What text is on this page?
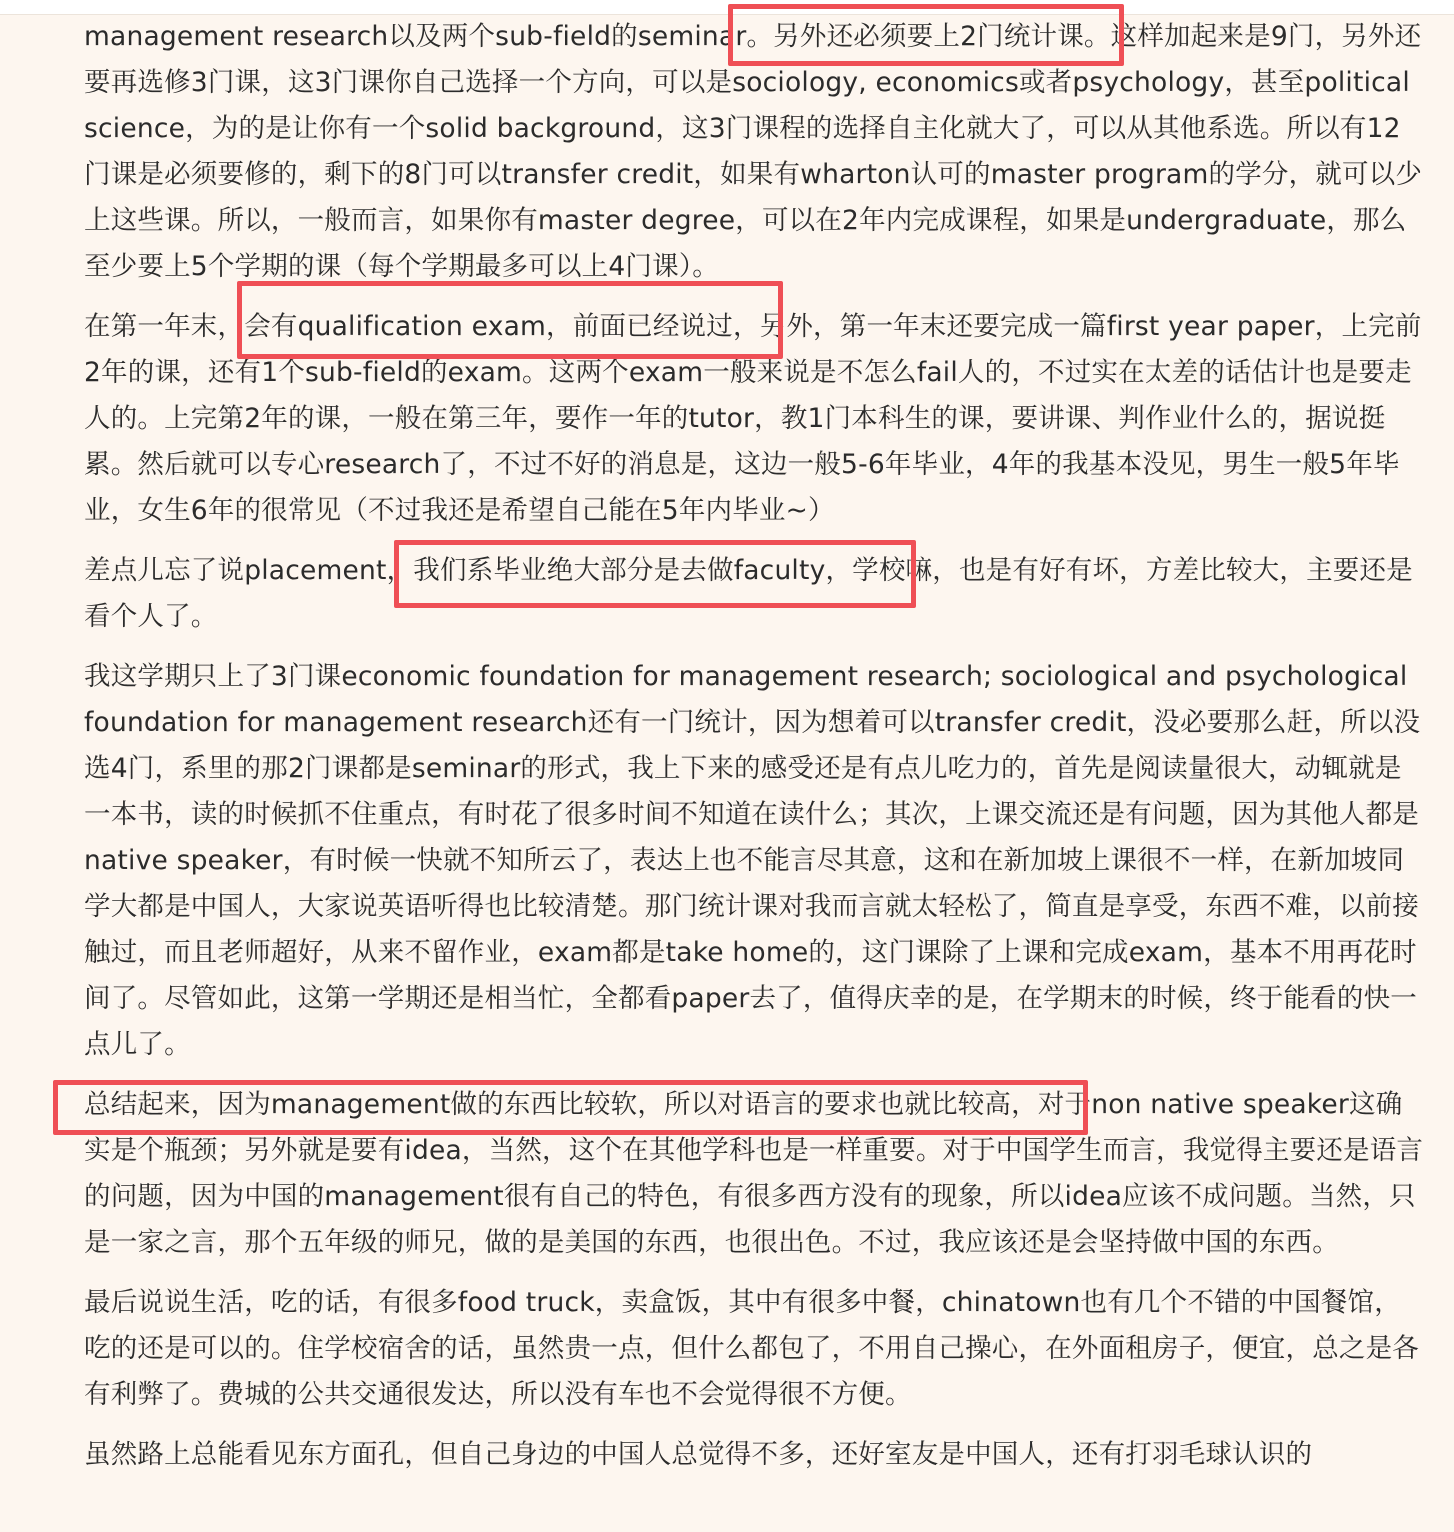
management research以及两个sub-field的seminar。另外还必须要上2门统计课。这样加起来是9门，另外还要再选修3门课，这3门课你自己选择一个方向，可以是sociology, economics或者psychology，甚至political science，为的是让你有一个solid background，这3门课程的选择自主化就大了，可以从其他系选。所以有12门课是必须要修的，剩下的8门可以transfer credit，如果有wharton认可的master program的学分，就可以少上这些课。所以，一般而言，如果你有master degree，可以在2年内完成课程，如果是undergraduate，那么至少要上5个学期的课（每个学期最多可以上4门课）。

在第一年末，会有qualification exam，前面已经说过，另外，第一年末还要完成一篇first year paper，上完前2年的课，还有1个sub-field的exam。这两个exam一般来说是不怎么fail人的，不过实在太差的话估计也是要走人的。上完第2年的课，一般在第三年，要作一年的tutor，教1门本科生的课，要讲课、判作业什么的，据说挺累。然后就可以专心research了，不过不好的消息是，这边一般5-6年毕业，4年的我基本没见，男生一般5年毕业，女生6年的很常见（不过我还是希望自己能在5年内毕业~）

差点儿忘了说placement，我们系毕业绝大部分是去做faculty，学校嘛，也是有好有坏，方差比较大，主要还是看个人了。

我这学期只上了3门课economic foundation for management research; sociological and psychological foundation for management research还有一门统计，因为想着可以transfer credit，没必要那么赶，所以没选4门，系里的那2门课都是seminar的形式，我上下来的感受还是有点儿吃力的，首先是阅读量很大，动辄就是一本书，读的时候抓不住重点，有时花了很多时间不知道在读什么；其次，上课交流还是有问题，因为其他人都是native speaker，有时候一快就不知所云了，表达上也不能言尽其意，这和在新加坡上课很不一样，在新加坡同学大都是中国人，大家说英语听得也比较清楚。那门统计课对我而言就太轻松了，简直是享受，东西不难，以前接触过，而且老师超好，从来不留作业，exam都是take home的，这门课除了上课和完成exam，基本不用再花时间了。尽管如此，这第一学期还是相当忙，全都看paper去了，值得庆幸的是，在学期末的时候，终于能看的快一点儿了。

总结起来，因为management做的东西比较软，所以对语言的要求也就比较高，对于non native speaker这确实是个瓶颈；另外就是要有idea，当然，这个在其他学科也是一样重要。对于中国学生而言，我觉得主要还是语言的问题，因为中国的management很有自己的特色，有很多西方没有的现象，所以idea应该不成问题。当然，只是一家之言，那个五年级的师兄，做的是美国的东西，也很出色。不过，我应该还是会坚持做中国的东西。

最后说说生活，吃的话，有很多food truck，卖盒饭，其中有很多中餐，chinatown也有几个不错的中国餐馆，吃的还是可以的。住学校宿舍的话，虽然贵一点，但什么都包了，不用自己操心，在外面租房子，便宜，总之是各有利弊了。费城的公共交通很发达，所以没有车也不会觉得很不方便。

虽然路上总能看见东方面孔，但自己身边的中国人总觉得不多，还好室友是中国人，还有打羽毛球认识的
